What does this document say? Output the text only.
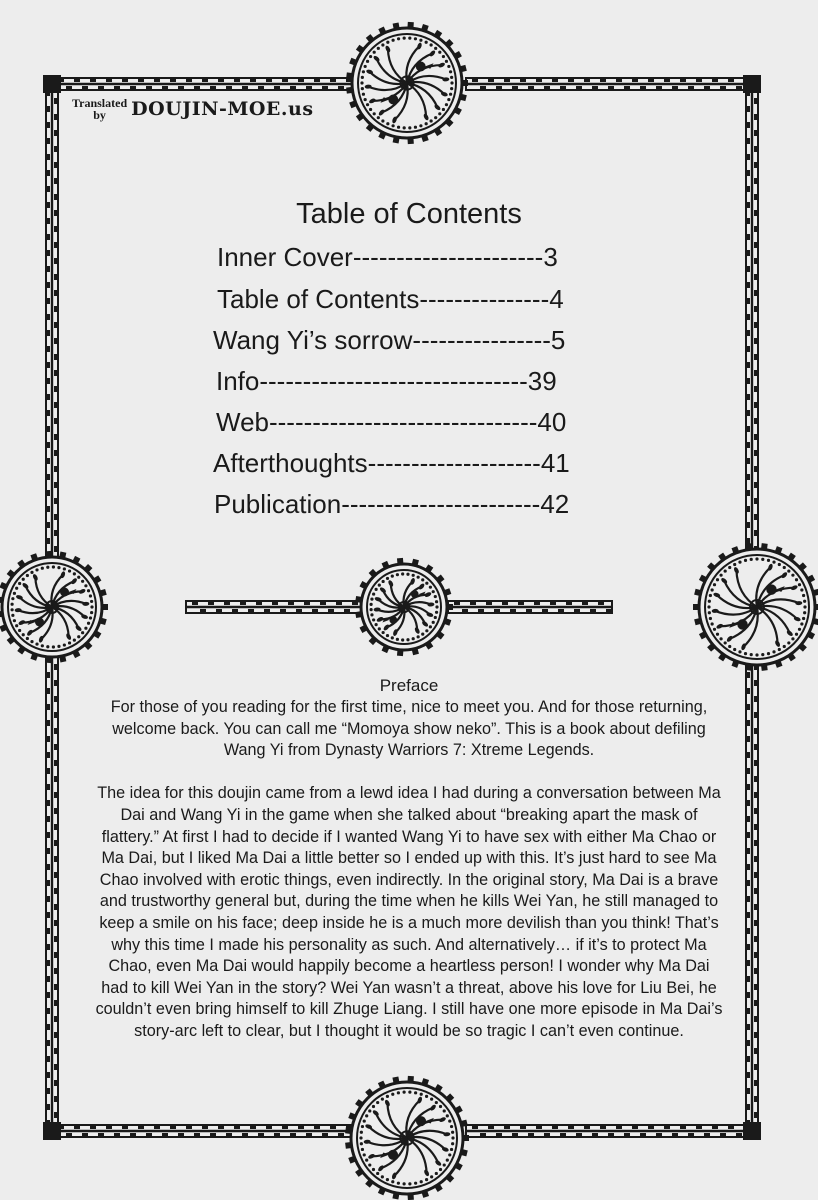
Translated
by	DOUJIN-MOE.us
Table of Contents
Inner Cover----------------------3
Table of Contents---------------4
Wang Yi’s sorrow----------------5
Info-------------------------------39
Web-------------------------------40
Afterthoughts--------------------41
Publication-----------------------42
Preface

For those of you reading for the first time, nice to meet you. And for those returning, welcome back. You can call me “Momoya show neko”. This is a book about defiling Wang Yi from Dynasty Warriors 7: Xtreme Legends.

The idea for this doujin came from a lewd idea I had during a conversation between Ma Dai and Wang Yi in the game when she talked about “breaking apart the mask of flattery.” At first I had to decide if I wanted Wang Yi to have sex with either Ma Chao or Ma Dai, but I liked Ma Dai a little better so I ended up with this. It’s just hard to see Ma Chao involved with erotic things, even indirectly. In the original story, Ma Dai is a brave and trustworthy general but, during the time when he kills Wei Yan, he still managed to keep a smile on his face; deep inside he is a much more devilish than you think! That’s why this time I made his personality as such. And alternatively… if it’s to protect Ma Chao, even Ma Dai would happily become a heartless person! I wonder why Ma Dai had to kill Wei Yan in the story? Wei Yan wasn’t a threat, above his love for Liu Bei, he couldn’t even bring himself to kill Zhuge Liang. I still have one more episode in Ma Dai’s story-arc left to clear, but I thought it would be so tragic I can’t even continue.
